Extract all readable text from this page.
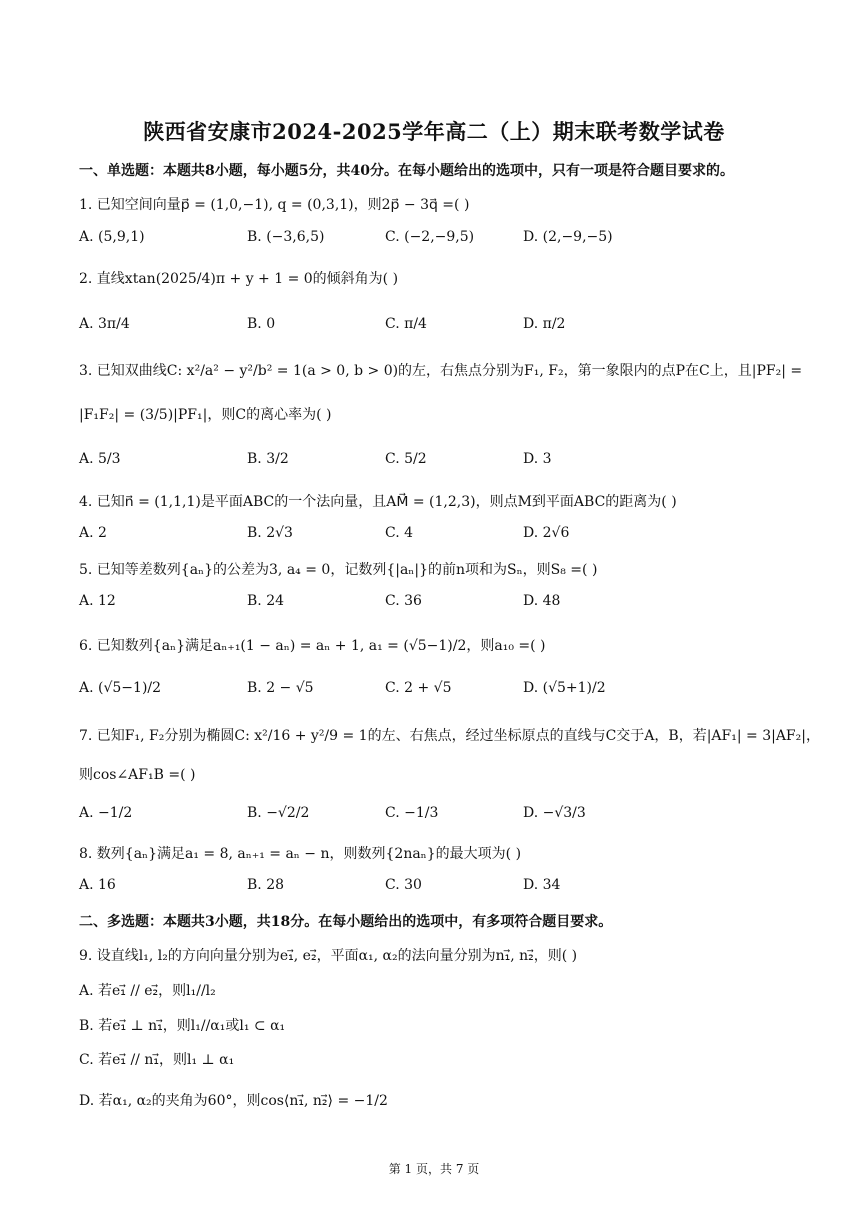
陕西省安康市2024-2025学年高二（上）期末联考数学试卷
一、单选题：本题共8小题，每小题5分，共40分。在每小题给出的选项中，只有一项是符合题目要求的。
1. 已知空间向量p⃗ = (1,0,−1), q = (0,3,1)，则2p⃗ − 3q⃗ =( )
A. (5,9,1)	B. (−3,6,5)	C. (−2,−9,5)	D. (2,−9,−5)
2. 直线xtan(2025/4)π + y + 1 = 0的倾斜角为( )
A. 3π/4	B. 0	C. π/4	D. π/2
3. 已知双曲线C: x²/a² − y²/b² = 1(a > 0, b > 0)的左，右焦点分别为F₁, F₂，第一象限内的点P在C上，且|PF₂| =
|F₁F₂| = (3/5)|PF₁|，则C的离心率为( )
A. 5/3	B. 3/2	C. 5/2	D. 3
4. 已知n⃗ = (1,1,1)是平面ABC的一个法向量，且AM⃗ = (1,2,3)，则点M到平面ABC的距离为( )
A. 2	B. 2√3	C. 4	D. 2√6
5. 已知等差数列{aₙ}的公差为3, a₄ = 0，记数列{|aₙ|}的前n项和为Sₙ，则S₈ =( )
A. 12	B. 24	C. 36	D. 48
6. 已知数列{aₙ}满足aₙ₊₁(1 − aₙ) = aₙ + 1, a₁ = (√5−1)/2，则a₁₀ =( )
A. (√5−1)/2	B. 2 − √5	C. 2 + √5	D. (√5+1)/2
7. 已知F₁, F₂分别为椭圆C: x²/16 + y²/9 = 1的左、右焦点，经过坐标原点的直线与C交于A，B，若|AF₁| = 3|AF₂|，
则cos∠AF₁B =( )
A. −1/2	B. −√2/2	C. −1/3	D. −√3/3
8. 数列{aₙ}满足a₁ = 8, aₙ₊₁ = aₙ − n，则数列{2naₙ}的最大项为( )
A. 16	B. 28	C. 30	D. 34
二、多选题：本题共3小题，共18分。在每小题给出的选项中，有多项符合题目要求。
9. 设直线l₁, l₂的方向向量分别为e₁⃗, e₂⃗，平面α₁, α₂的法向量分别为n₁⃗, n₂⃗，则( )
A. 若e₁⃗ // e₂⃗，则l₁//l₂
B. 若e₁⃗ ⊥ n₁⃗，则l₁//α₁或l₁ ⊂ α₁
C. 若e₁⃗ // n₁⃗，则l₁ ⊥ α₁
D. 若α₁, α₂的夹角为60°，则cos⟨n₁⃗, n₂⃗⟩ = −1/2
第 1 页，共 7 页
